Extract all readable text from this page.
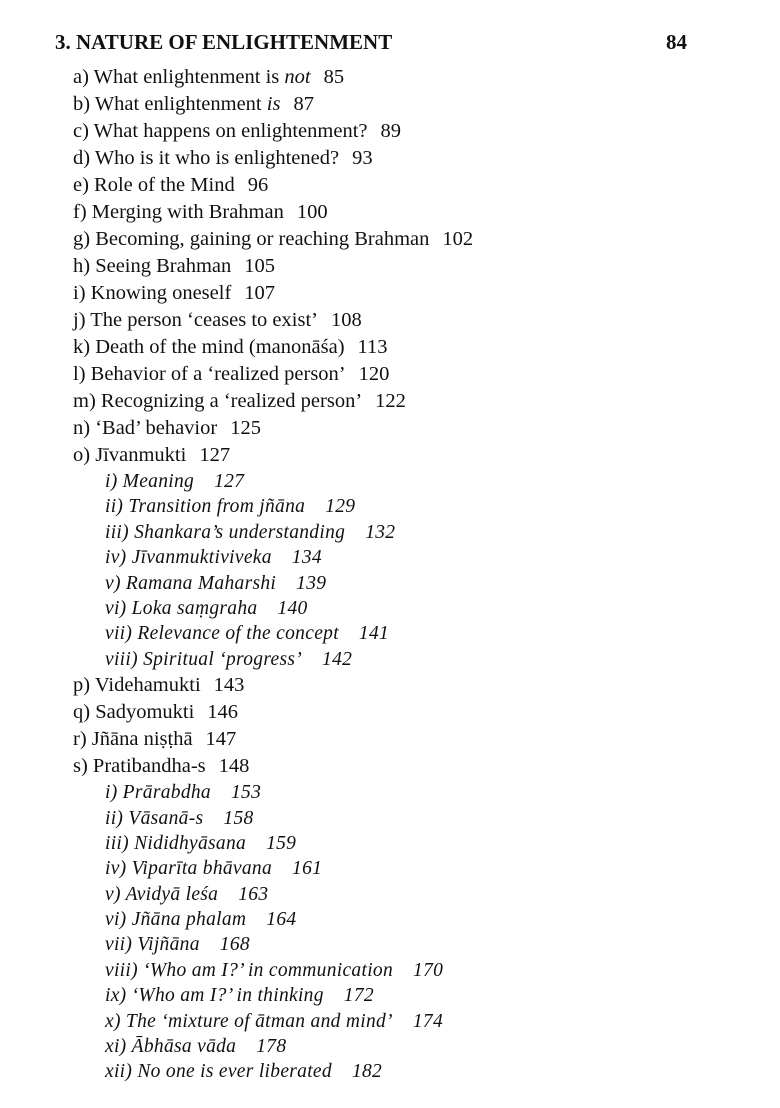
3. NATURE OF ENLIGHTENMENT	84
a) What enlightenment is not 85
b) What enlightenment is 87
c) What happens on enlightenment? 89
d) Who is it who is enlightened? 93
e) Role of the Mind 96
f) Merging with Brahman 100
g) Becoming, gaining or reaching Brahman 102
h) Seeing Brahman 105
i) Knowing oneself 107
j) The person ‘ceases to exist’ 108
k) Death of the mind (manonāśa) 113
l) Behavior of a ‘realized person’ 120
m) Recognizing a ‘realized person’ 122
n) ‘Bad’ behavior 125
o) Jīvanmukti 127
i) Meaning 127
ii) Transition from jñāna 129
iii) Shankara’s understanding 132
iv) Jīvanmuktiviveka 134
v) Ramana Maharshi 139
vi) Loka saṃgraha 140
vii) Relevance of the concept 141
viii) Spiritual ‘progress’ 142
p) Videhamukti 143
q) Sadyomukti 146
r) Jñāna niṣṭhā 147
s) Pratibandha-s 148
i) Prārabdha 153
ii) Vāsanā-s 158
iii) Nididhyāsana 159
iv) Viparīta bhāvana 161
v) Avidyā leśa 163
vi) Jñāna phalam 164
vii) Vijñāna 168
viii) ‘Who am I?’ in communication 170
ix) ‘Who am I?’ in thinking 172
x) The ‘mixture of ātman and mind’ 174
xi) Ābhāsa vāda 178
xii) No one is ever liberated 182
